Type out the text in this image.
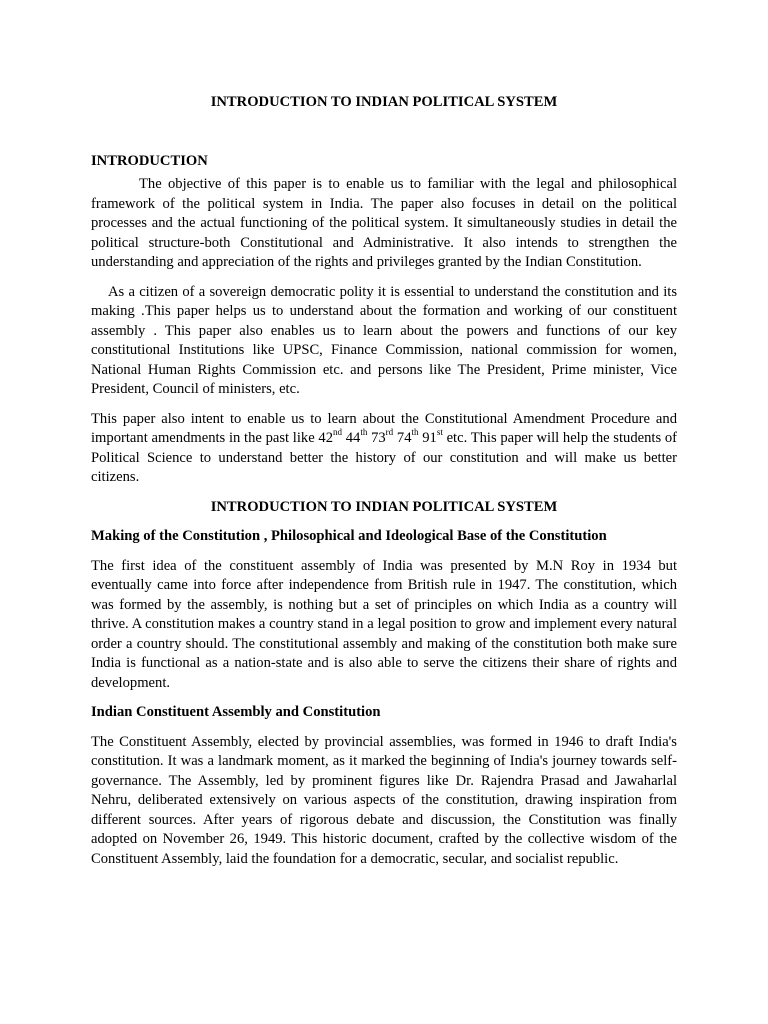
INTRODUCTION TO INDIAN POLITICAL SYSTEM
INTRODUCTION

The objective of this paper is to enable us to familiar with the legal and philosophical framework of the political system in India. The paper also focuses in detail on the political processes and the actual functioning of the political system. It simultaneously studies in detail the political structure-both Constitutional and Administrative. It also intends to strengthen the understanding and appreciation of the rights and privileges granted by the Indian Constitution.

As a citizen of a sovereign democratic polity it is essential to understand the constitution and its making .This paper helps us to understand about the formation and working of our constituent assembly . This paper also enables us to learn about the powers and functions of our key constitutional Institutions like UPSC, Finance Commission, national commission for women, National Human Rights Commission etc. and persons like The President, Prime minister, Vice President, Council of ministers, etc.

This paper also intent to enable us to learn about the Constitutional Amendment Procedure and important amendments in the past like 42nd 44th 73rd 74th 91st etc. This paper will help the students of Political Science to understand better the history of our constitution and will make us better citizens.

INTRODUCTION TO INDIAN POLITICAL SYSTEM
Making of the Constitution , Philosophical and Ideological Base of the Constitution

The first idea of the constituent assembly of India was presented by M.N Roy in 1934 but eventually came into force after independence from British rule in 1947. The constitution, which was formed by the assembly, is nothing but a set of principles on which India as a country will thrive. A constitution makes a country stand in a legal position to grow and implement every natural order a country should. The constitutional assembly and making of the constitution both make sure India is functional as a nation-state and is also able to serve the citizens their share of rights and development.

Indian Constituent Assembly and Constitution

The Constituent Assembly, elected by provincial assemblies, was formed in 1946 to draft India's constitution. It was a landmark moment, as it marked the beginning of India's journey towards self-governance. The Assembly, led by prominent figures like Dr. Rajendra Prasad and Jawaharlal Nehru, deliberated extensively on various aspects of the constitution, drawing inspiration from different sources. After years of rigorous debate and discussion, the Constitution was finally adopted on November 26, 1949. This historic document, crafted by the collective wisdom of the Constituent Assembly, laid the foundation for a democratic, secular, and socialist republic.
